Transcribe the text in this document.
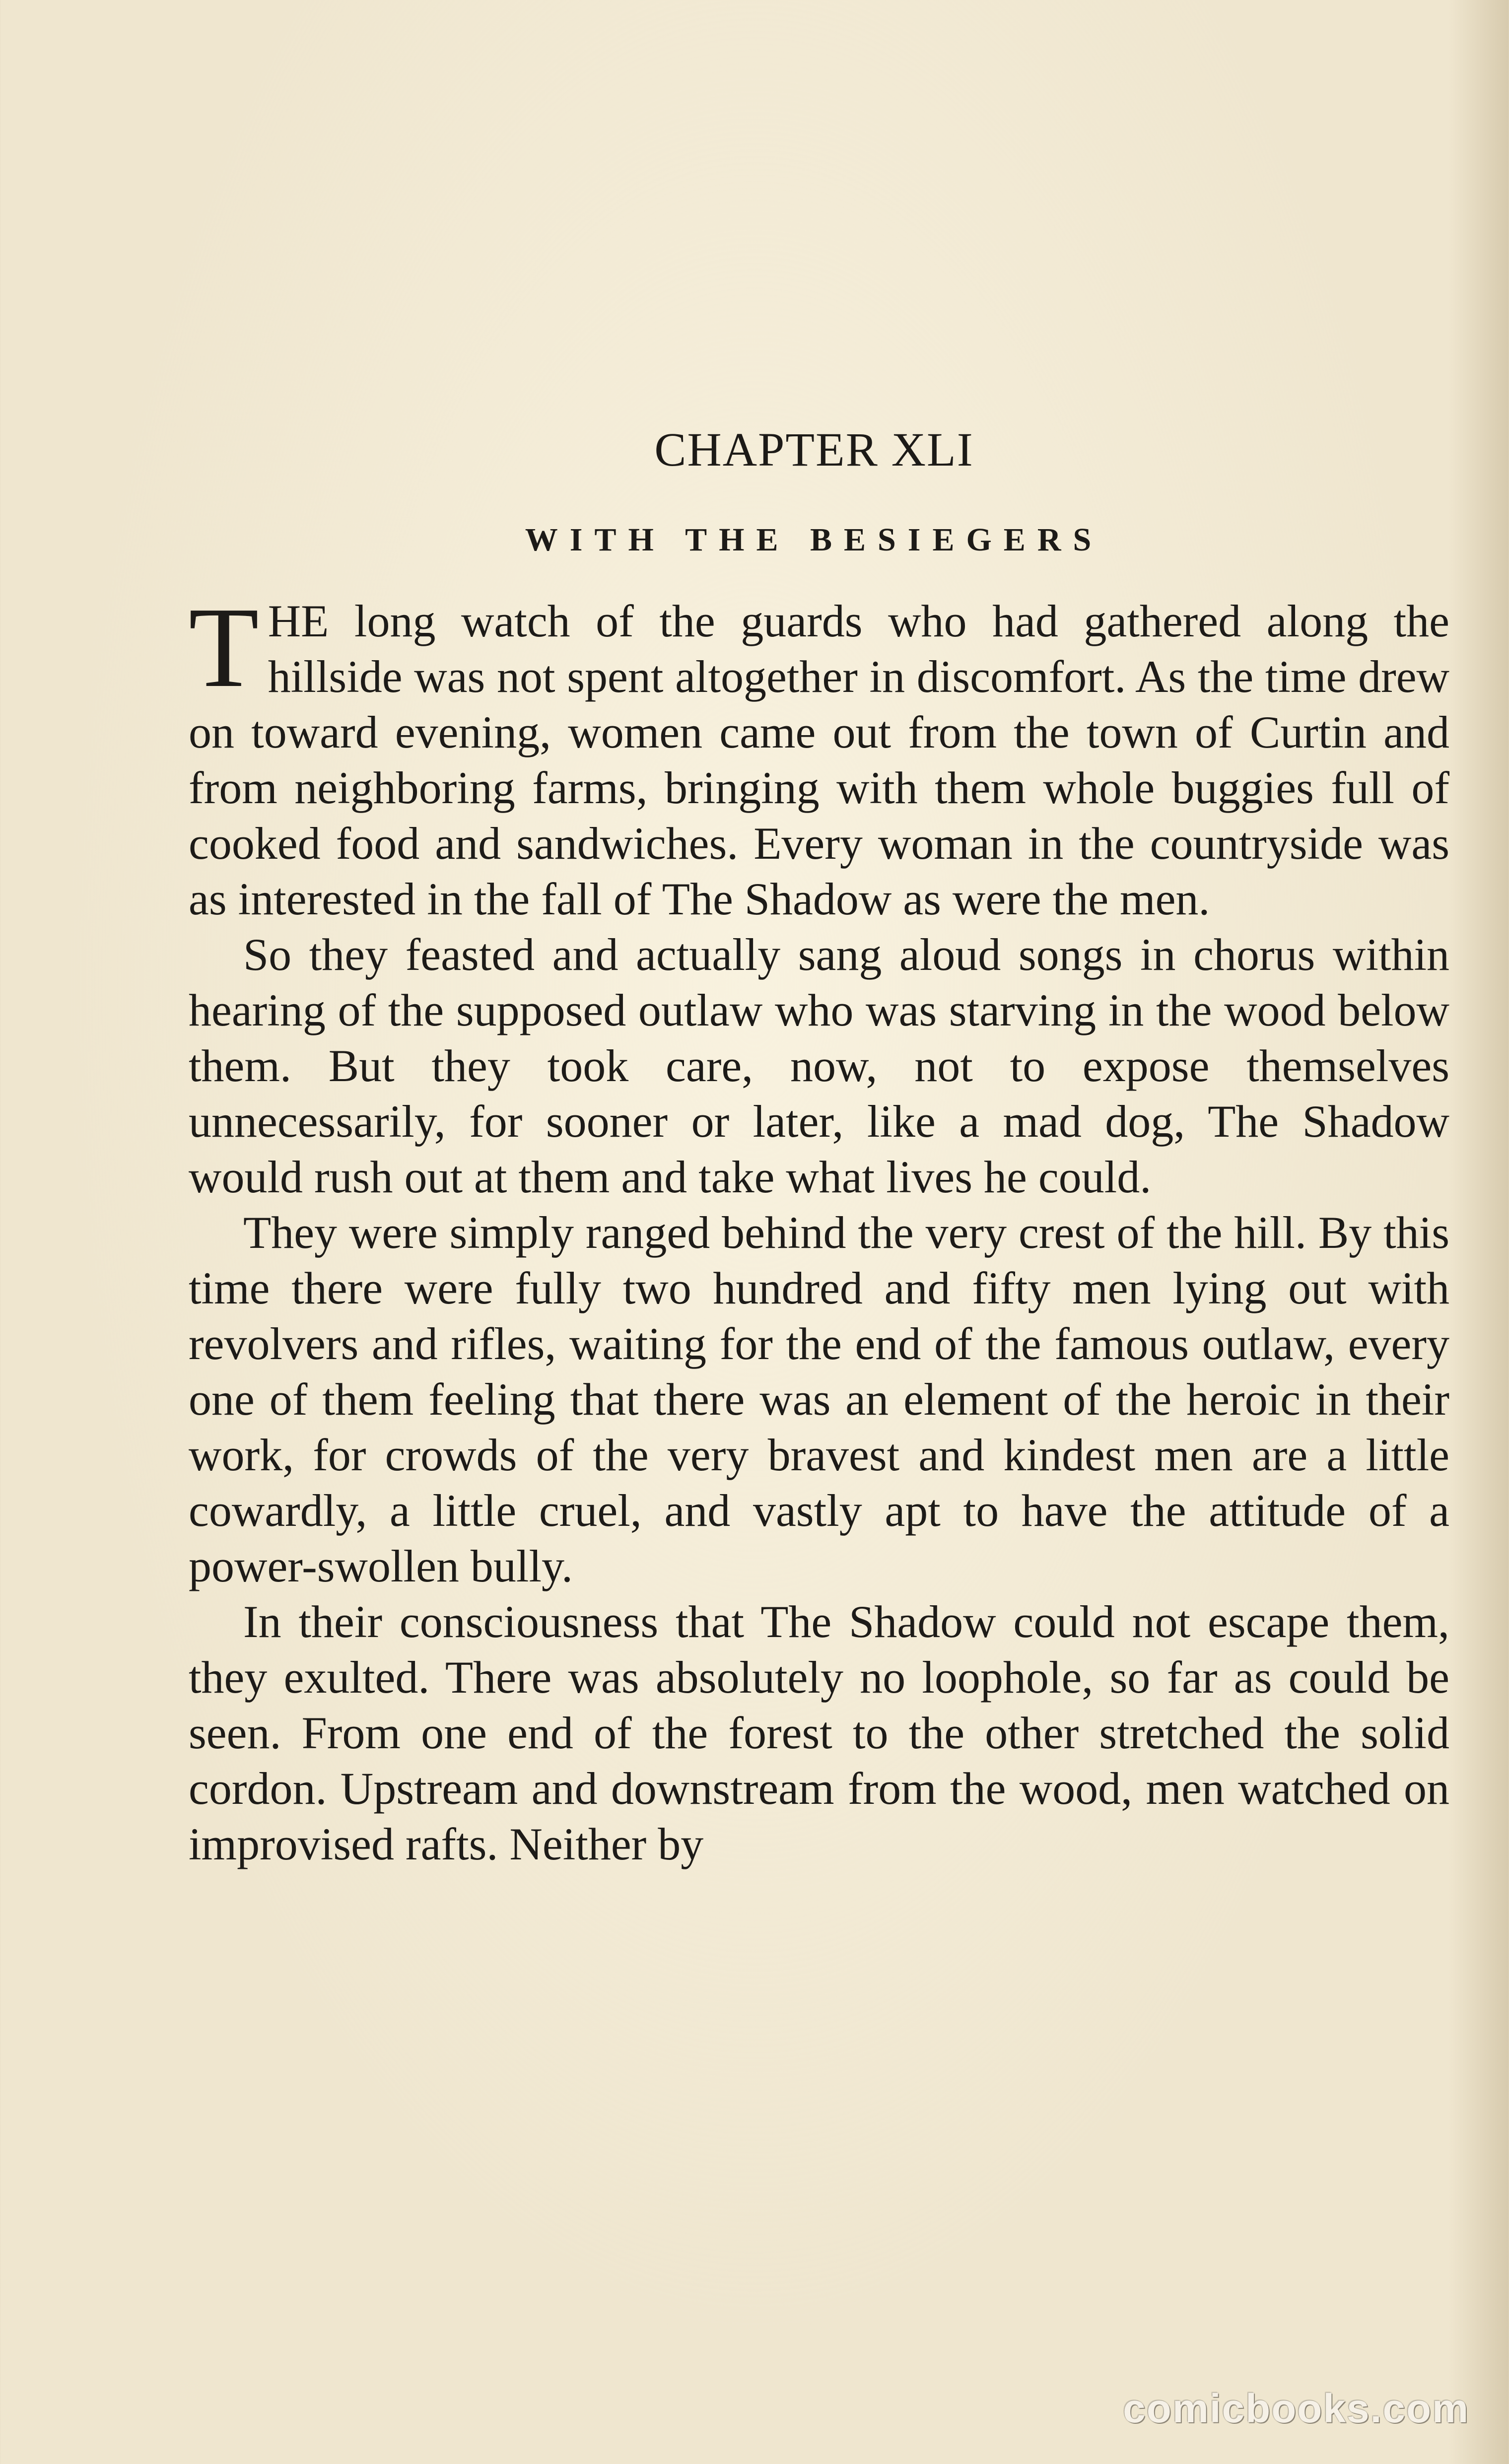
CHAPTER XLI
WITH THE BESIEGERS

THE long watch of the guards who had gathered along the hillside was not spent altogether in discomfort. As the time drew on toward evening, women came out from the town of Curtin and from neighboring farms, bringing with them whole buggies full of cooked food and sandwiches. Every woman in the countryside was as interested in the fall of The Shadow as were the men.

So they feasted and actually sang aloud songs in chorus within hearing of the supposed outlaw who was starving in the wood below them. But they took care, now, not to expose themselves unnecessarily, for sooner or later, like a mad dog, The Shadow would rush out at them and take what lives he could.

They were simply ranged behind the very crest of the hill. By this time there were fully two hundred and fifty men lying out with revolvers and rifles, waiting for the end of the famous outlaw, every one of them feeling that there was an element of the heroic in their work, for crowds of the very bravest and kindest men are a little cowardly, a little cruel, and vastly apt to have the attitude of a power-swollen bully.

In their consciousness that The Shadow could not escape them, they exulted. There was absolutely no loophole, so far as could be seen. From one end of the forest to the other stretched the solid cordon. Upstream and downstream from the wood, men watched on improvised rafts. Neither by

comicbooks.com
